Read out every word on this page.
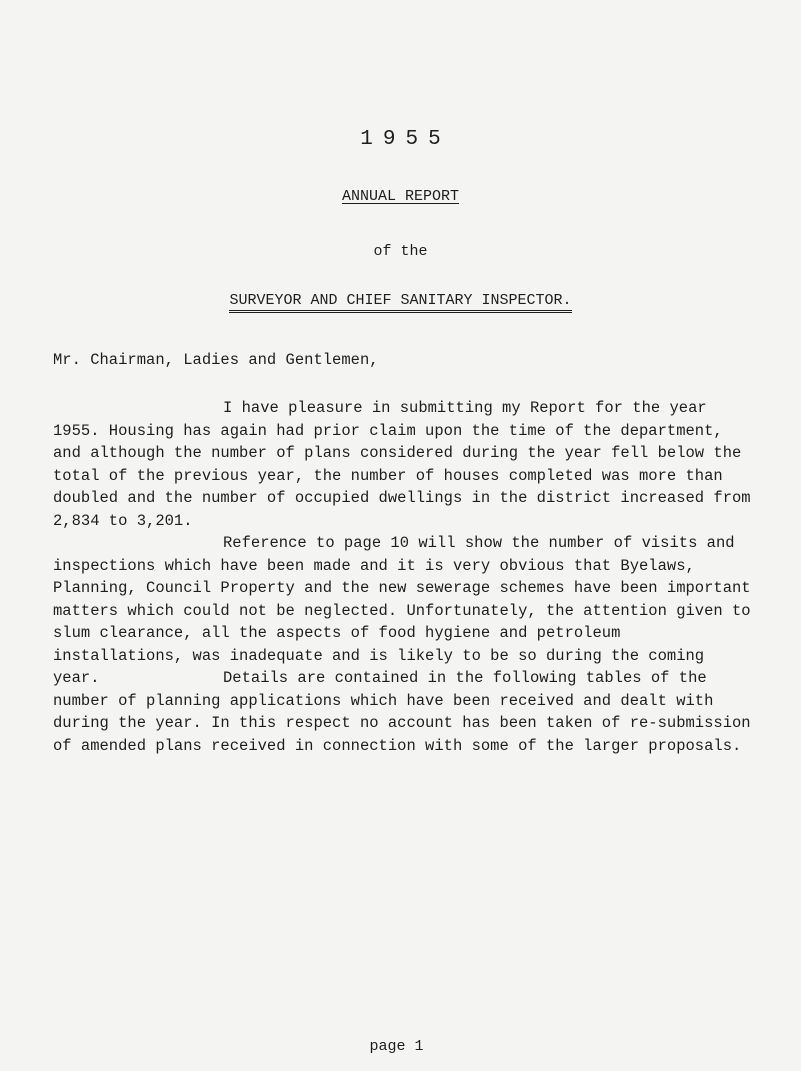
1955
ANNUAL REPORT
of the
SURVEYOR AND CHIEF SANITARY INSPECTOR.
Mr. Chairman, Ladies and Gentlemen,

I have pleasure in submitting my Report for the year 1955. Housing has again had prior claim upon the time of the department, and although the number of plans considered during the year fell below the total of the previous year, the number of houses completed was more than doubled and the number of occupied dwellings in the district increased from 2,834 to 3,201.

Reference to page 10 will show the number of visits and inspections which have been made and it is very obvious that Byelaws, Planning, Council Property and the new sewerage schemes have been important matters which could not be neglected. Unfortunately, the attention given to slum clearance, all the aspects of food hygiene and petroleum installations, was inadequate and is likely to be so during the coming year.	Details are contained in the following tables of the number of planning applications which have been received and dealt with during the year. In this respect no account has been taken of re-submission of amended plans received in connection with some of the larger proposals.

page 1
